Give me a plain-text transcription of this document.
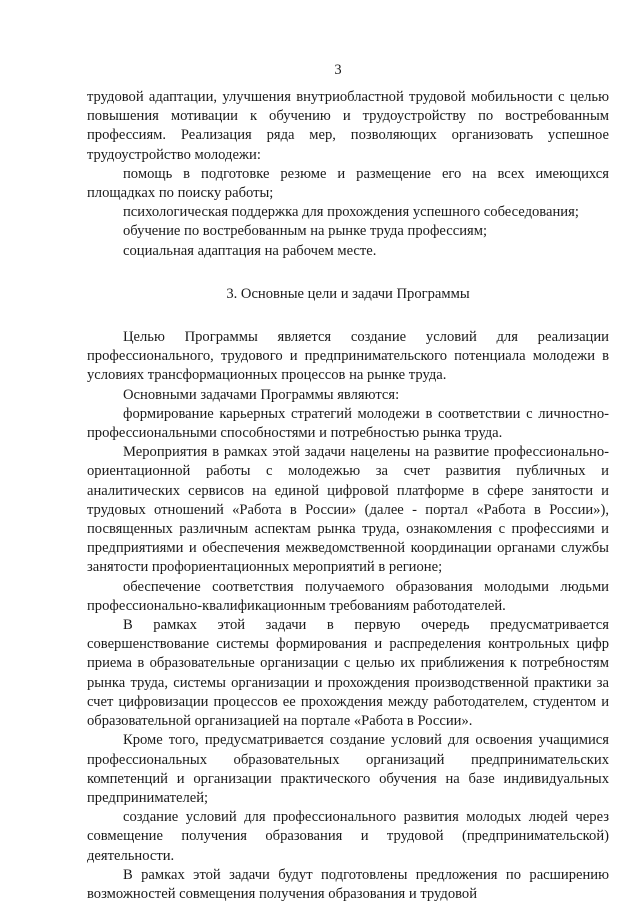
3

трудовой адаптации, улучшения внутриобластной трудовой мобильности с целью повышения мотивации к обучению и трудоустройству по востребованным профессиям. Реализация ряда мер, позволяющих организовать успешное трудоустройство молодежи:

помощь в подготовке резюме и размещение его на всех имеющихся площадках по поиску работы;

психологическая поддержка для прохождения успешного собеседования;

обучение по востребованным на рынке труда профессиям;

социальная адаптация на рабочем месте.

3. Основные цели и задачи Программы

Целью Программы является создание условий для реализации профессионального, трудового и предпринимательского потенциала молодежи в условиях трансформационных процессов на рынке труда.

Основными задачами Программы являются:

формирование карьерных стратегий молодежи в соответствии с личностно-профессиональными способностями и потребностью рынка труда.

Мероприятия в рамках этой задачи нацелены на развитие профессионально-ориентационной работы с молодежью за счет развития публичных и аналитических сервисов на единой цифровой платформе в сфере занятости и трудовых отношений «Работа в России» (далее - портал «Работа в России»), посвященных различным аспектам рынка труда, ознакомления с профессиями и предприятиями и обеспечения межведомственной координации органами службы занятости профориентационных мероприятий в регионе;

обеспечение соответствия получаемого образования молодыми людьми профессионально-квалификационным требованиям работодателей.

В рамках этой задачи в первую очередь предусматривается совершенствование системы формирования и распределения контрольных цифр приема в образовательные организации с целью их приближения к потребностям рынка труда, системы организации и прохождения производственной практики за счет цифровизации процессов ее прохождения между работодателем, студентом и образовательной организацией на портале «Работа в России».

Кроме того, предусматривается создание условий для освоения учащимися профессиональных образовательных организаций предпринимательских компетенций и организации практического обучения на базе индивидуальных предпринимателей;

создание условий для профессионального развития молодых людей через совмещение получения образования и трудовой (предпринимательской) деятельности.

В рамках этой задачи будут подготовлены предложения по расширению возможностей совмещения получения образования и трудовой
